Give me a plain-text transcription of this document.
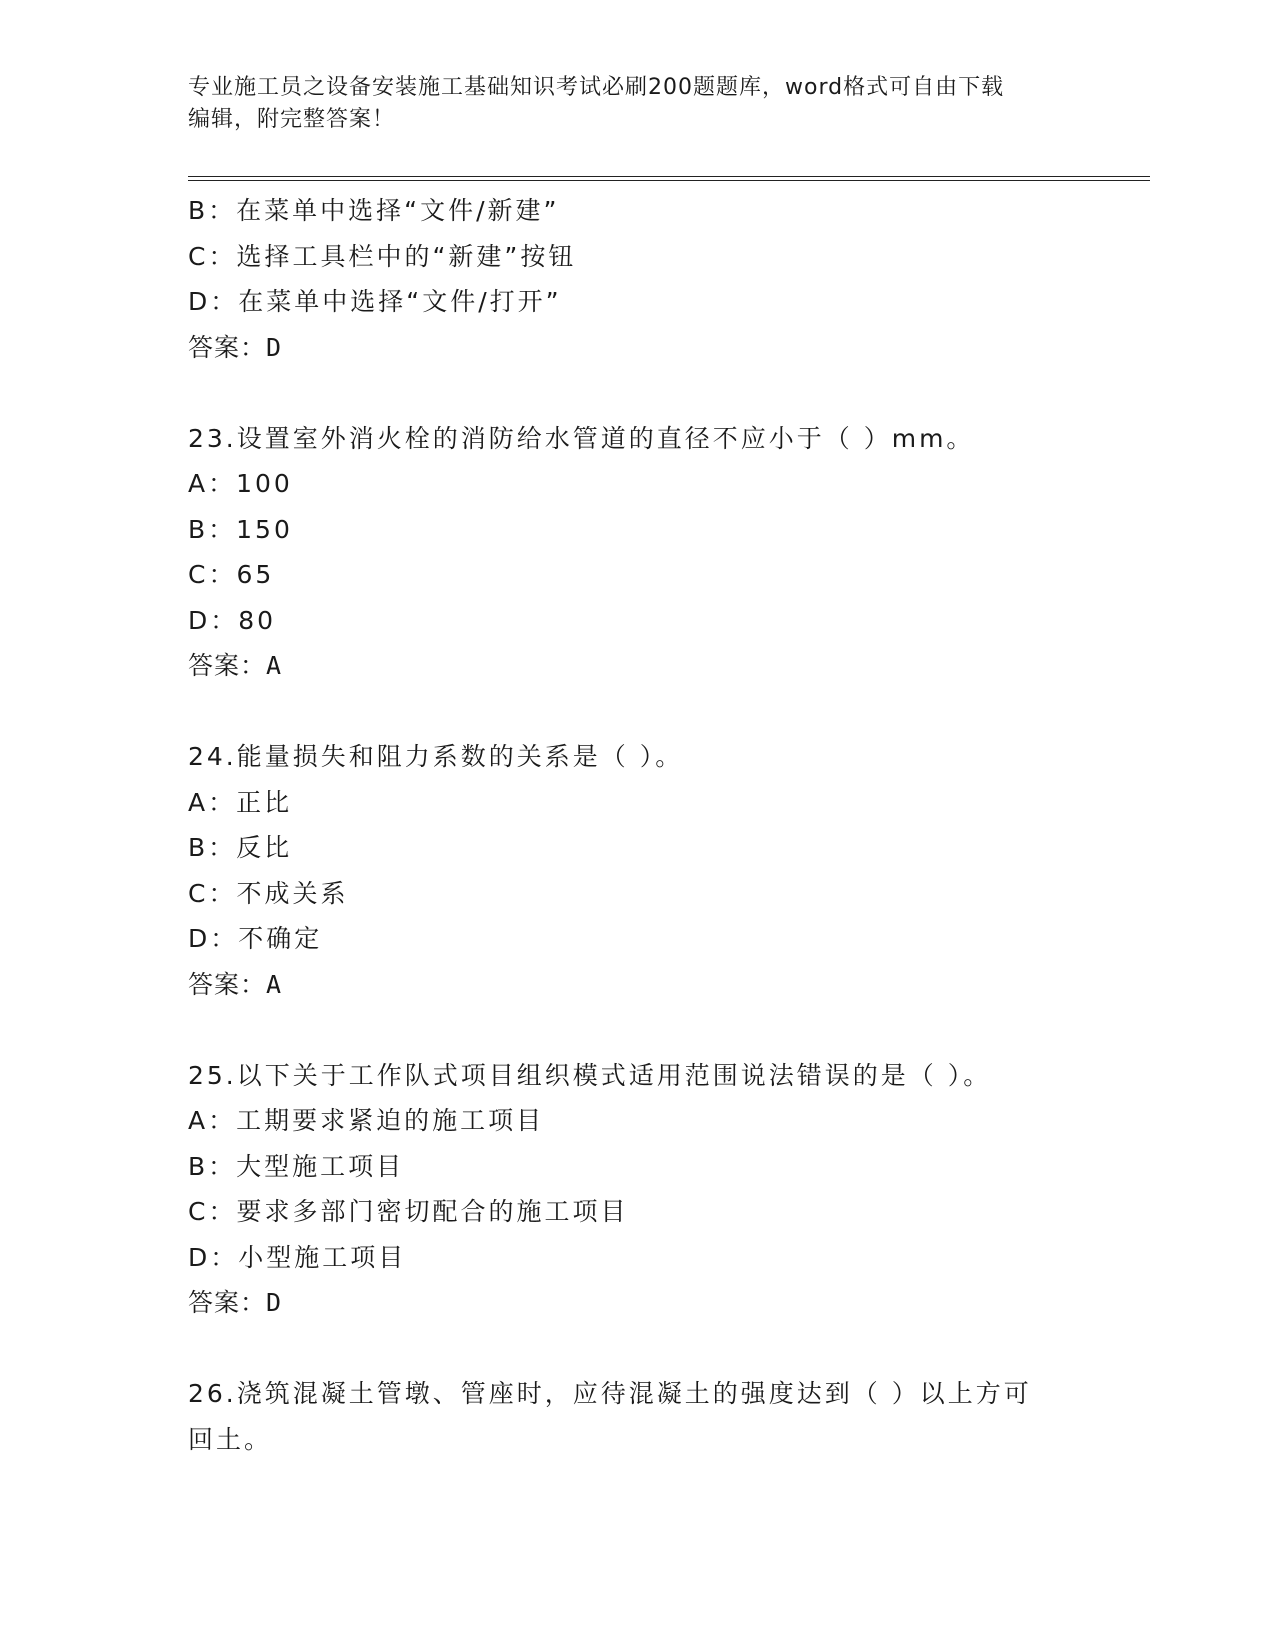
专业施工员之设备安装施工基础知识考试必刷200题题库，word格式可自由下载
编辑，附完整答案！
B：在菜单中选择“文件/新建”
C：选择工具栏中的“新建”按钮
D：在菜单中选择“文件/打开”
答案：D
23.设置室外消火栓的消防给水管道的直径不应小于（ ）mm。
A：100
B：150
C：65
D：80
答案：A
24.能量损失和阻力系数的关系是（ ）。
A：正比
B：反比
C：不成关系
D：不确定
答案：A
25.以下关于工作队式项目组织模式适用范围说法错误的是（ ）。
A：工期要求紧迫的施工项目
B：大型施工项目
C：要求多部门密切配合的施工项目
D：小型施工项目
答案：D
26.浇筑混凝土管墩、管座时，应待混凝土的强度达到（ ）以上方可
回土。
